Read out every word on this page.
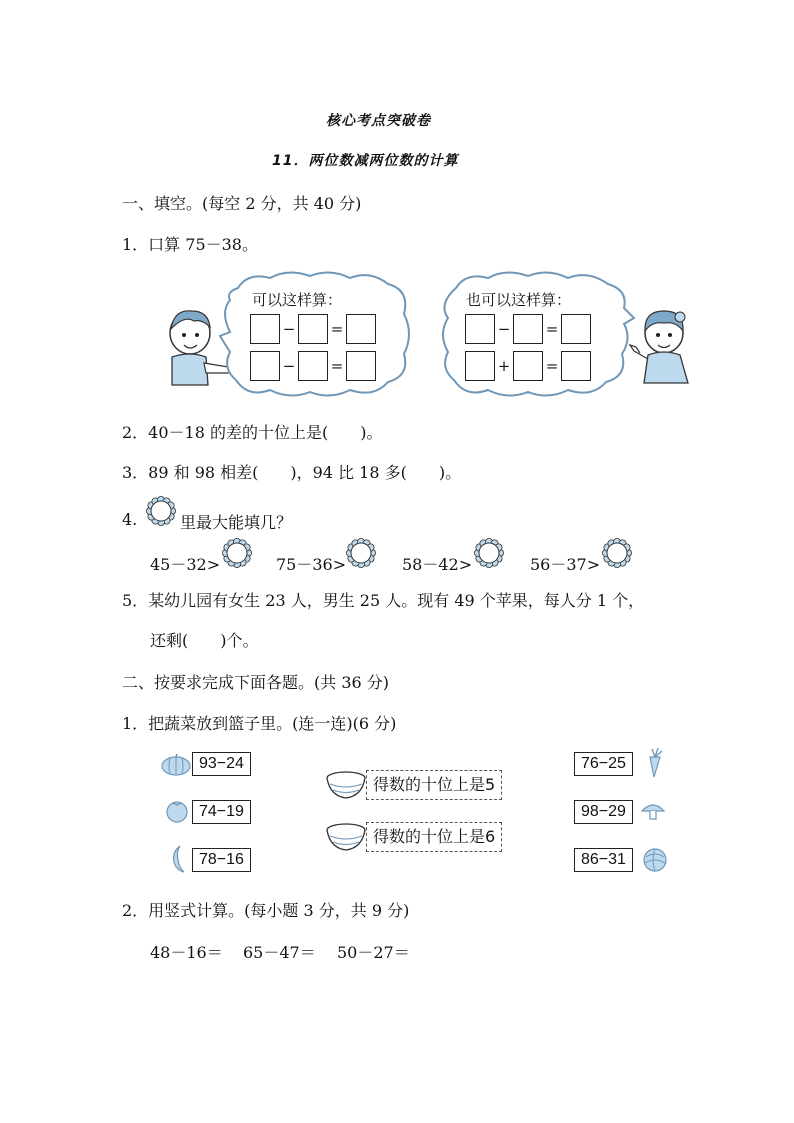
核心考点突破卷
11．两位数减两位数的计算
一、填空。(每空 2 分，共 40 分)
1．口算 75－38。
可以这样算：
− =
− =
也可以这样算：
− =
+ =
2．40－18 的差的十位上是(　　)。
3．89 和 98 相差(　　)，94 比 18 多(　　)。
4.	里最大能填几？
45－32>	75－36>	58－42>	56－37>
5．某幼儿园有女生 23 人，男生 25 人。现有 49 个苹果，每人分 1 个，
还剩(　　)个。
二、按要求完成下面各题。(共 36 分)
1．把蔬菜放到篮子里。(连一连)(6 分)
93−24
74−19
78−16
得数的十位上是5
得数的十位上是6
76−25
98−29
86−31
2．用竖式计算。(每小题 3 分，共 9 分)
48－16＝ 65－47＝ 50－27＝
